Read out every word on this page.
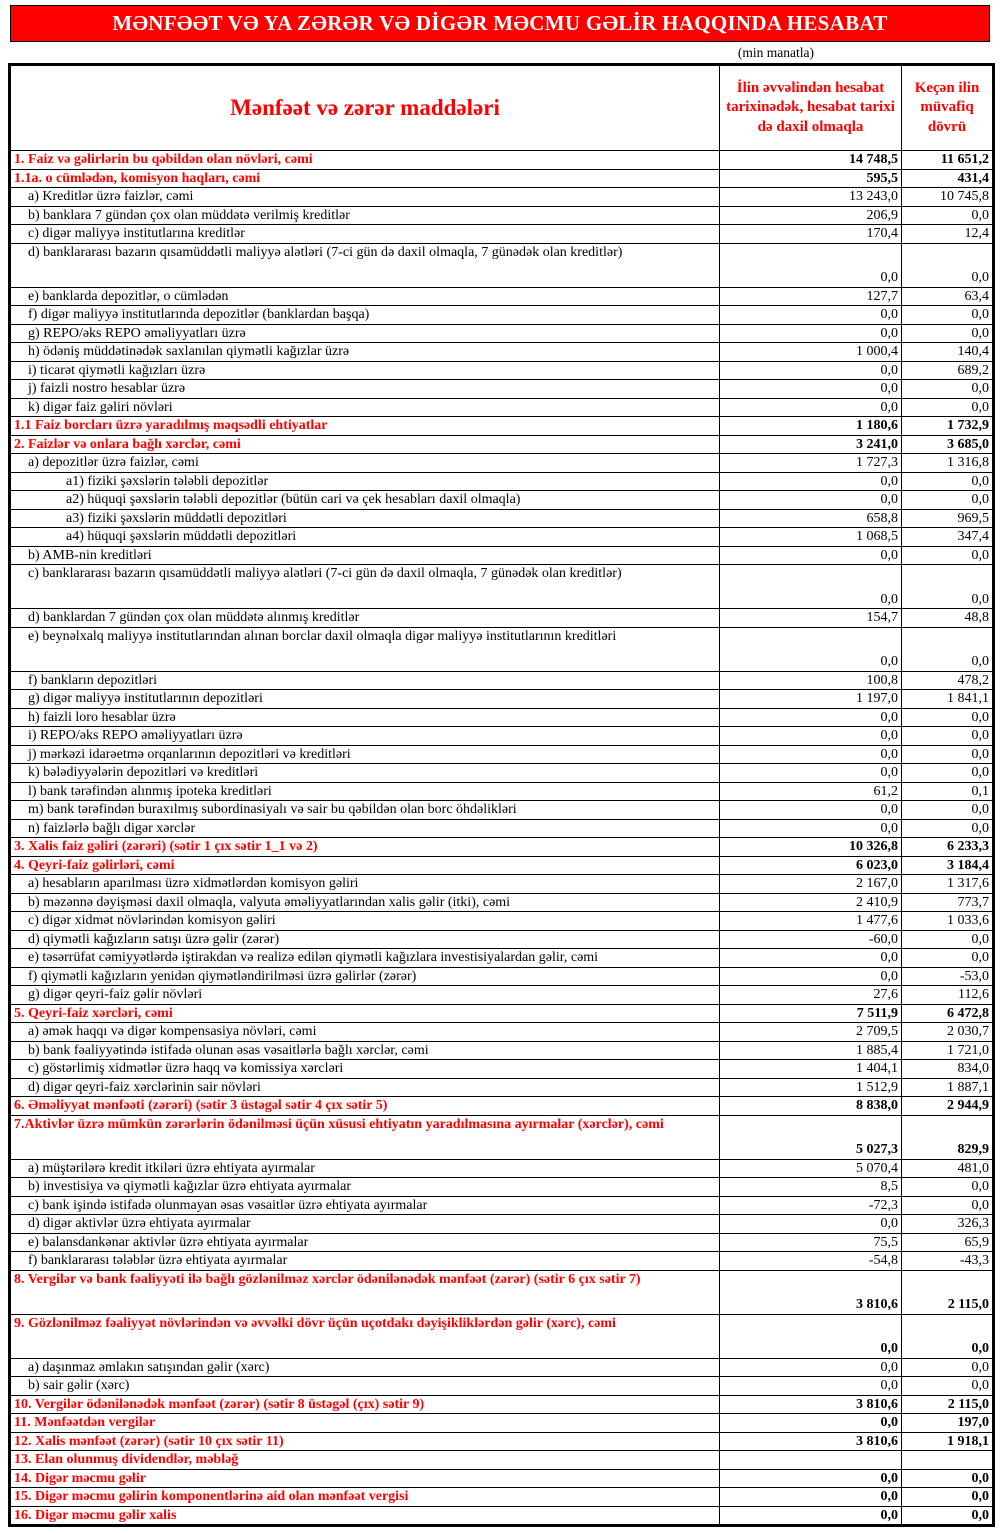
MƏNFƏƏT VƏ YA ZƏRƏR VƏ DİGƏR MƏCMU GƏLİR HAQQINDA HESABAT
(min manatla)
Mənfəət və zərər maddələri	İlin əvvəlindən hesabat tarixinədək, hesabat tarixi də daxil olmaqla	Keçən ilin müvafiq dövrü
1. Faiz və gəlirlərin bu qəbildən olan növləri, cəmi	14 748,5	11 651,2
1.1a. o cümlədən, komisyon haqları, cəmi	595,5	431,4
a) Kreditlər üzrə faizlər, cəmi	13 243,0	10 745,8
b) banklara 7 gündən çox olan müddətə verilmiş kreditlər	206,9	0,0
c) digər maliyyə institutlarına kreditlər	170,4	12,4
d) banklararası bazarın qısamüddətli maliyyə alətləri (7-ci gün də daxil olmaqla, 7 günədək olan kreditlər)	0,0	0,0
e) banklarda depozitlər, o cümlədən	127,7	63,4
f) digər maliyyə institutlarında depozitlər (banklardan başqa)	0,0	0,0
g) REPO/əks REPO əməliyyatları üzrə	0,0	0,0
h) ödəniş müddətinədək saxlanılan qiymətli kağızlar üzrə	1 000,4	140,4
i) ticarət qiymətli kağızları üzrə	0,0	689,2
j) faizli nostro hesablar üzrə	0,0	0,0
k) digər faiz gəliri növləri	0,0	0,0
1.1 Faiz borcları üzrə yaradılmış məqsədli ehtiyatlar	1 180,6	1 732,9
2. Faizlər və onlara bağlı xərclər, cəmi	3 241,0	3 685,0
a) depozitlər üzrə faizlər, cəmi	1 727,3	1 316,8
a1) fiziki şəxslərin tələbli depozitlər	0,0	0,0
a2) hüquqi şəxslərin tələbli depozitlər (bütün cari və çek hesabları daxil olmaqla)	0,0	0,0
a3) fiziki şəxslərin müddətli depozitləri	658,8	969,5
a4) hüquqi şəxslərin müddətli depozitləri	1 068,5	347,4
b) AMB-nin kreditləri	0,0	0,0
c) banklararası bazarın qısamüddətli maliyyə alətləri (7-ci gün də daxil olmaqla, 7 günədək olan kreditlər)	0,0	0,0
d) banklardan 7 gündən çox olan müddətə alınmış kreditlər	154,7	48,8
e) beynəlxalq maliyyə institutlarından alınan borclar daxil olmaqla digər maliyyə institutlarının kreditləri	0,0	0,0
f) bankların depozitləri	100,8	478,2
g) digər maliyyə institutlarının depozitləri	1 197,0	1 841,1
h) faizli loro hesablar üzrə	0,0	0,0
i) REPO/əks REPO əməliyyatları üzrə	0,0	0,0
j) mərkəzi idarəetmə orqanlarının depozitləri və kreditləri	0,0	0,0
k) bələdiyyələrin depozitləri və kreditləri	0,0	0,0
l) bank tərəfindən alınmış ipoteka kreditləri	61,2	0,1
m) bank tərəfindən buraxılmış subordinasiyalı və sair bu qəbildən olan borc öhdəlikləri	0,0	0,0
n) faizlərlə bağlı digər xərclər	0,0	0,0
3. Xalis faiz gəliri (zərəri) (sətir 1 çıx sətir 1_1 və 2)	10 326,8	6 233,3
4. Qeyri-faiz gəlirləri, cəmi	6 023,0	3 184,4
a) hesabların aparılması üzrə xidmətlərdən komisyon gəliri	2 167,0	1 317,6
b) məzənnə dəyişməsi daxil olmaqla, valyuta əməliyyatlarından xalis gəlir (itki), cəmi	2 410,9	773,7
c) digər xidmət növlərindən komisyon gəliri	1 477,6	1 033,6
d) qiymətli kağızların satışı üzrə gəlir (zərər)	-60,0	0,0
e) təsərrüfat cəmiyyətlərdə iştirakdan və realizə edilən qiymətli kağızlara investisiyalardan gəlir, cəmi	0,0	0,0
f) qiymətli kağızların yenidən qiymətləndirilməsi üzrə gəlirlər (zərər)	0,0	-53,0
g) digər qeyri-faiz gəlir növləri	27,6	112,6
5. Qeyri-faiz xərcləri, cəmi	7 511,9	6 472,8
a) əmək haqqı və digər kompensasiya növləri, cəmi	2 709,5	2 030,7
b) bank fəaliyyətində istifadə olunan əsas vəsaitlərlə bağlı xərclər, cəmi	1 885,4	1 721,0
c) göstərlimiş xidmətlər üzrə haqq və komissiya xərcləri	1 404,1	834,0
d) digər qeyri-faiz xərclərinin sair növləri	1 512,9	1 887,1
6. Əməliyyat mənfəəti (zərəri) (sətir 3 üstəgəl sətir 4 çıx sətir 5)	8 838,0	2 944,9
7.Aktivlər üzrə mümkün zərərlərin ödənilməsi üçün xüsusi ehtiyatın yaradılmasına ayırmalar (xərclər), cəmi	5 027,3	829,9
a) müştərilərə kredit itkiləri üzrə ehtiyata ayırmalar	5 070,4	481,0
b) investisiya və qiymətli kağızlar üzrə ehtiyata ayırmalar	8,5	0,0
c) bank işində istifadə olunmayan əsas vəsaitlər üzrə ehtiyata ayırmalar	-72,3	0,0
d) digər aktivlər üzrə ehtiyata ayırmalar	0,0	326,3
e) balansdankənar aktivlər üzrə ehtiyata ayırmalar	75,5	65,9
f) banklararası tələblər üzrə ehtiyata ayırmalar	-54,8	-43,3
8. Vergilər və bank fəaliyyəti ilə bağlı gözlənilməz xərclər ödənilənədək mənfəət (zərər) (sətir 6 çıx sətir 7)	3 810,6	2 115,0
9. Gözlənilməz fəaliyyət növlərindən və əvvəlki dövr üçün uçotdakı dəyişikliklərdən gəlir (xərc), cəmi	0,0	0,0
a) daşınmaz əmlakın satışından gəlir (xərc)	0,0	0,0
b) sair gəlir (xərc)	0,0	0,0
10. Vergilər ödənilənədək mənfəət (zərər) (sətir 8 üstəgəl (çıx) sətir 9)	3 810,6	2 115,0
11. Mənfəətdən vergilər	0,0	197,0
12. Xalis mənfəət (zərər) (sətir 10 çıx sətir 11)	3 810,6	1 918,1
13. Elan olunmuş dividendlər, məbləğ		
14. Digər məcmu gəlir	0,0	0,0
15. Digər məcmu gəlirin komponentlərinə aid olan mənfəət vergisi	0,0	0,0
16. Digər məcmu gəlir xalis	0,0	0,0
